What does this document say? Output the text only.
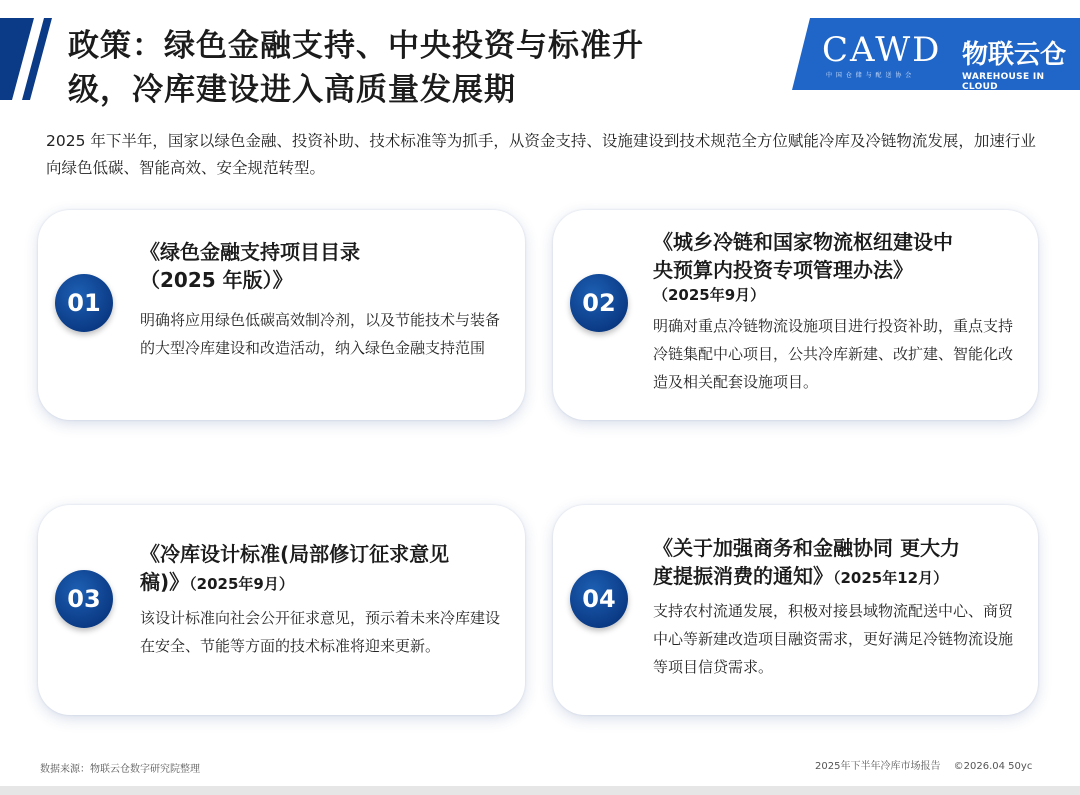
政策：绿色金融支持、中央投资与标准升
级，冷库建设进入高质量发展期
CAWD
中 国 仓 储 与 配 送 协 会
物联云仓
WAREHOUSE IN CLOUD

2025 年下半年，国家以绿色金融、投资补助、技术标准等为抓手，从资金支持、设施建设到技术规范全方位赋能冷库及冷链物流发展，加速行业向绿色低碳、智能高效、安全规范转型。

01
《绿色金融支持项目目录
（2025 年版）》

明确将应用绿色低碳高效制冷剂，以及节能技术与装备的大型冷库建设和改造活动，纳入绿色金融支持范围

02
《城乡冷链和国家物流枢纽建设中
央预算内投资专项管理办法》
（2025年9月）

明确对重点冷链物流设施项目进行投资补助，重点支持冷链集配中心项目，公共冷库新建、改扩建、智能化改造及相关配套设施项目。

03
《冷库设计标准(局部修订征求意见
稿)》（2025年9月）

该设计标准向社会公开征求意见，预示着未来冷库建设在安全、节能等方面的技术标准将迎来更新。

04
《关于加强商务和金融协同 更大力
度提振消费的通知》（2025年12月）

支持农村流通发展，积极对接县域物流配送中心、商贸中心等新建改造项目融资需求，更好满足冷链物流设施等项目信贷需求。

数据来源：物联云仓数字研究院整理	2025年下半年冷库市场报告 ©2026.04 50yc
